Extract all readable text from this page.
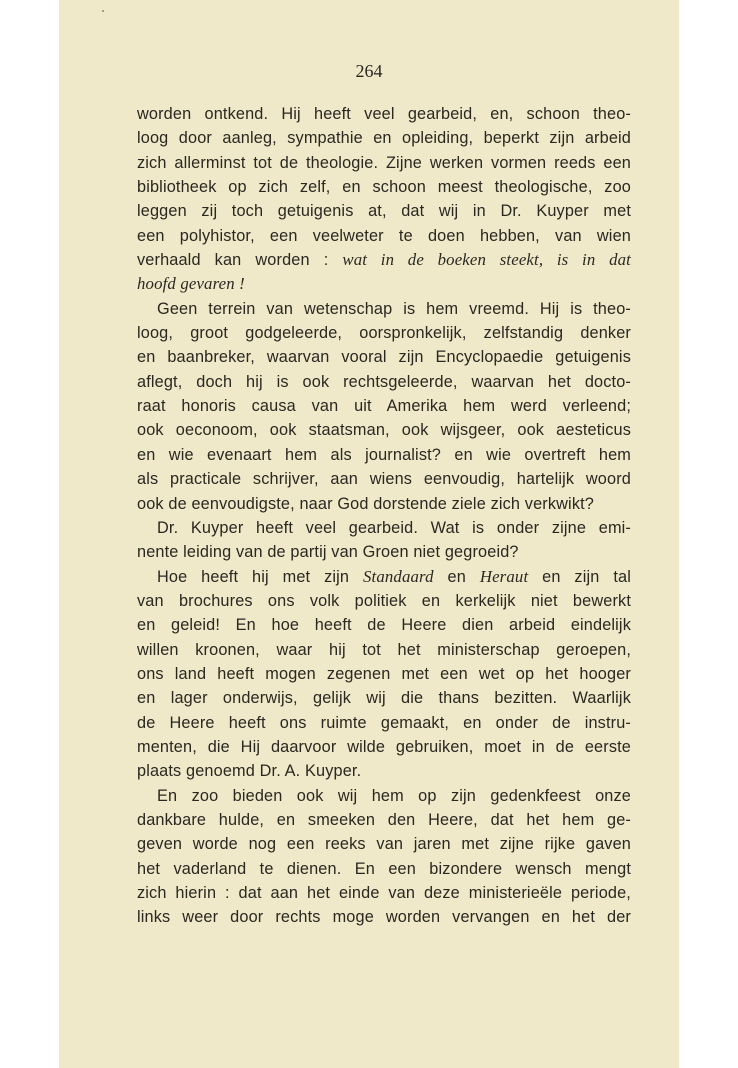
264
worden ontkend. Hij heeft veel gearbeid, en, schoon theo-
loog door aanleg, sympathie en opleiding, beperkt zijn arbeid
zich allerminst tot de theologie. Zijne werken vormen reeds een
bibliotheek op zich zelf, en schoon meest theologische, zoo
leggen zij toch getuigenis at, dat wij in Dr. Kuyper met
een polyhistor, een veelweter te doen hebben, van wien
verhaald kan worden : wat in de boeken steekt, is in dat
hoofd gevaren !
Geen terrein van wetenschap is hem vreemd. Hij is theo-
loog, groot godgeleerde, oorspronkelijk, zelfstandig denker
en baanbreker, waarvan vooral zijn Encyclopaedie getuigenis
aflegt, doch hij is ook rechtsgeleerde, waarvan het docto-
raat honoris causa van uit Amerika hem werd verleend;
ook oeconoom, ook staatsman, ook wijsgeer, ook aesteticus
en wie evenaart hem als journalist? en wie overtreft hem
als practicale schrijver, aan wiens eenvoudig, hartelijk woord
ook de eenvoudigste, naar God dorstende ziele zich verkwikt?
Dr. Kuyper heeft veel gearbeid. Wat is onder zijne emi-
nente leiding van de partij van Groen niet gegroeid?
Hoe heeft hij met zijn Standaard en Heraut en zijn tal
van brochures ons volk politiek en kerkelijk niet bewerkt
en geleid! En hoe heeft de Heere dien arbeid eindelijk
willen kroonen, waar hij tot het ministerschap geroepen,
ons land heeft mogen zegenen met een wet op het hooger
en lager onderwijs, gelijk wij die thans bezitten. Waarlijk
de Heere heeft ons ruimte gemaakt, en onder de instru-
menten, die Hij daarvoor wilde gebruiken, moet in de eerste
plaats genoemd Dr. A. Kuyper.
En zoo bieden ook wij hem op zijn gedenkfeest onze
dankbare hulde, en smeeken den Heere, dat het hem ge-
geven worde nog een reeks van jaren met zijne rijke gaven
het vaderland te dienen. En een bizondere wensch mengt
zich hierin : dat aan het einde van deze ministerieële periode,
links weer door rechts moge worden vervangen en het der
